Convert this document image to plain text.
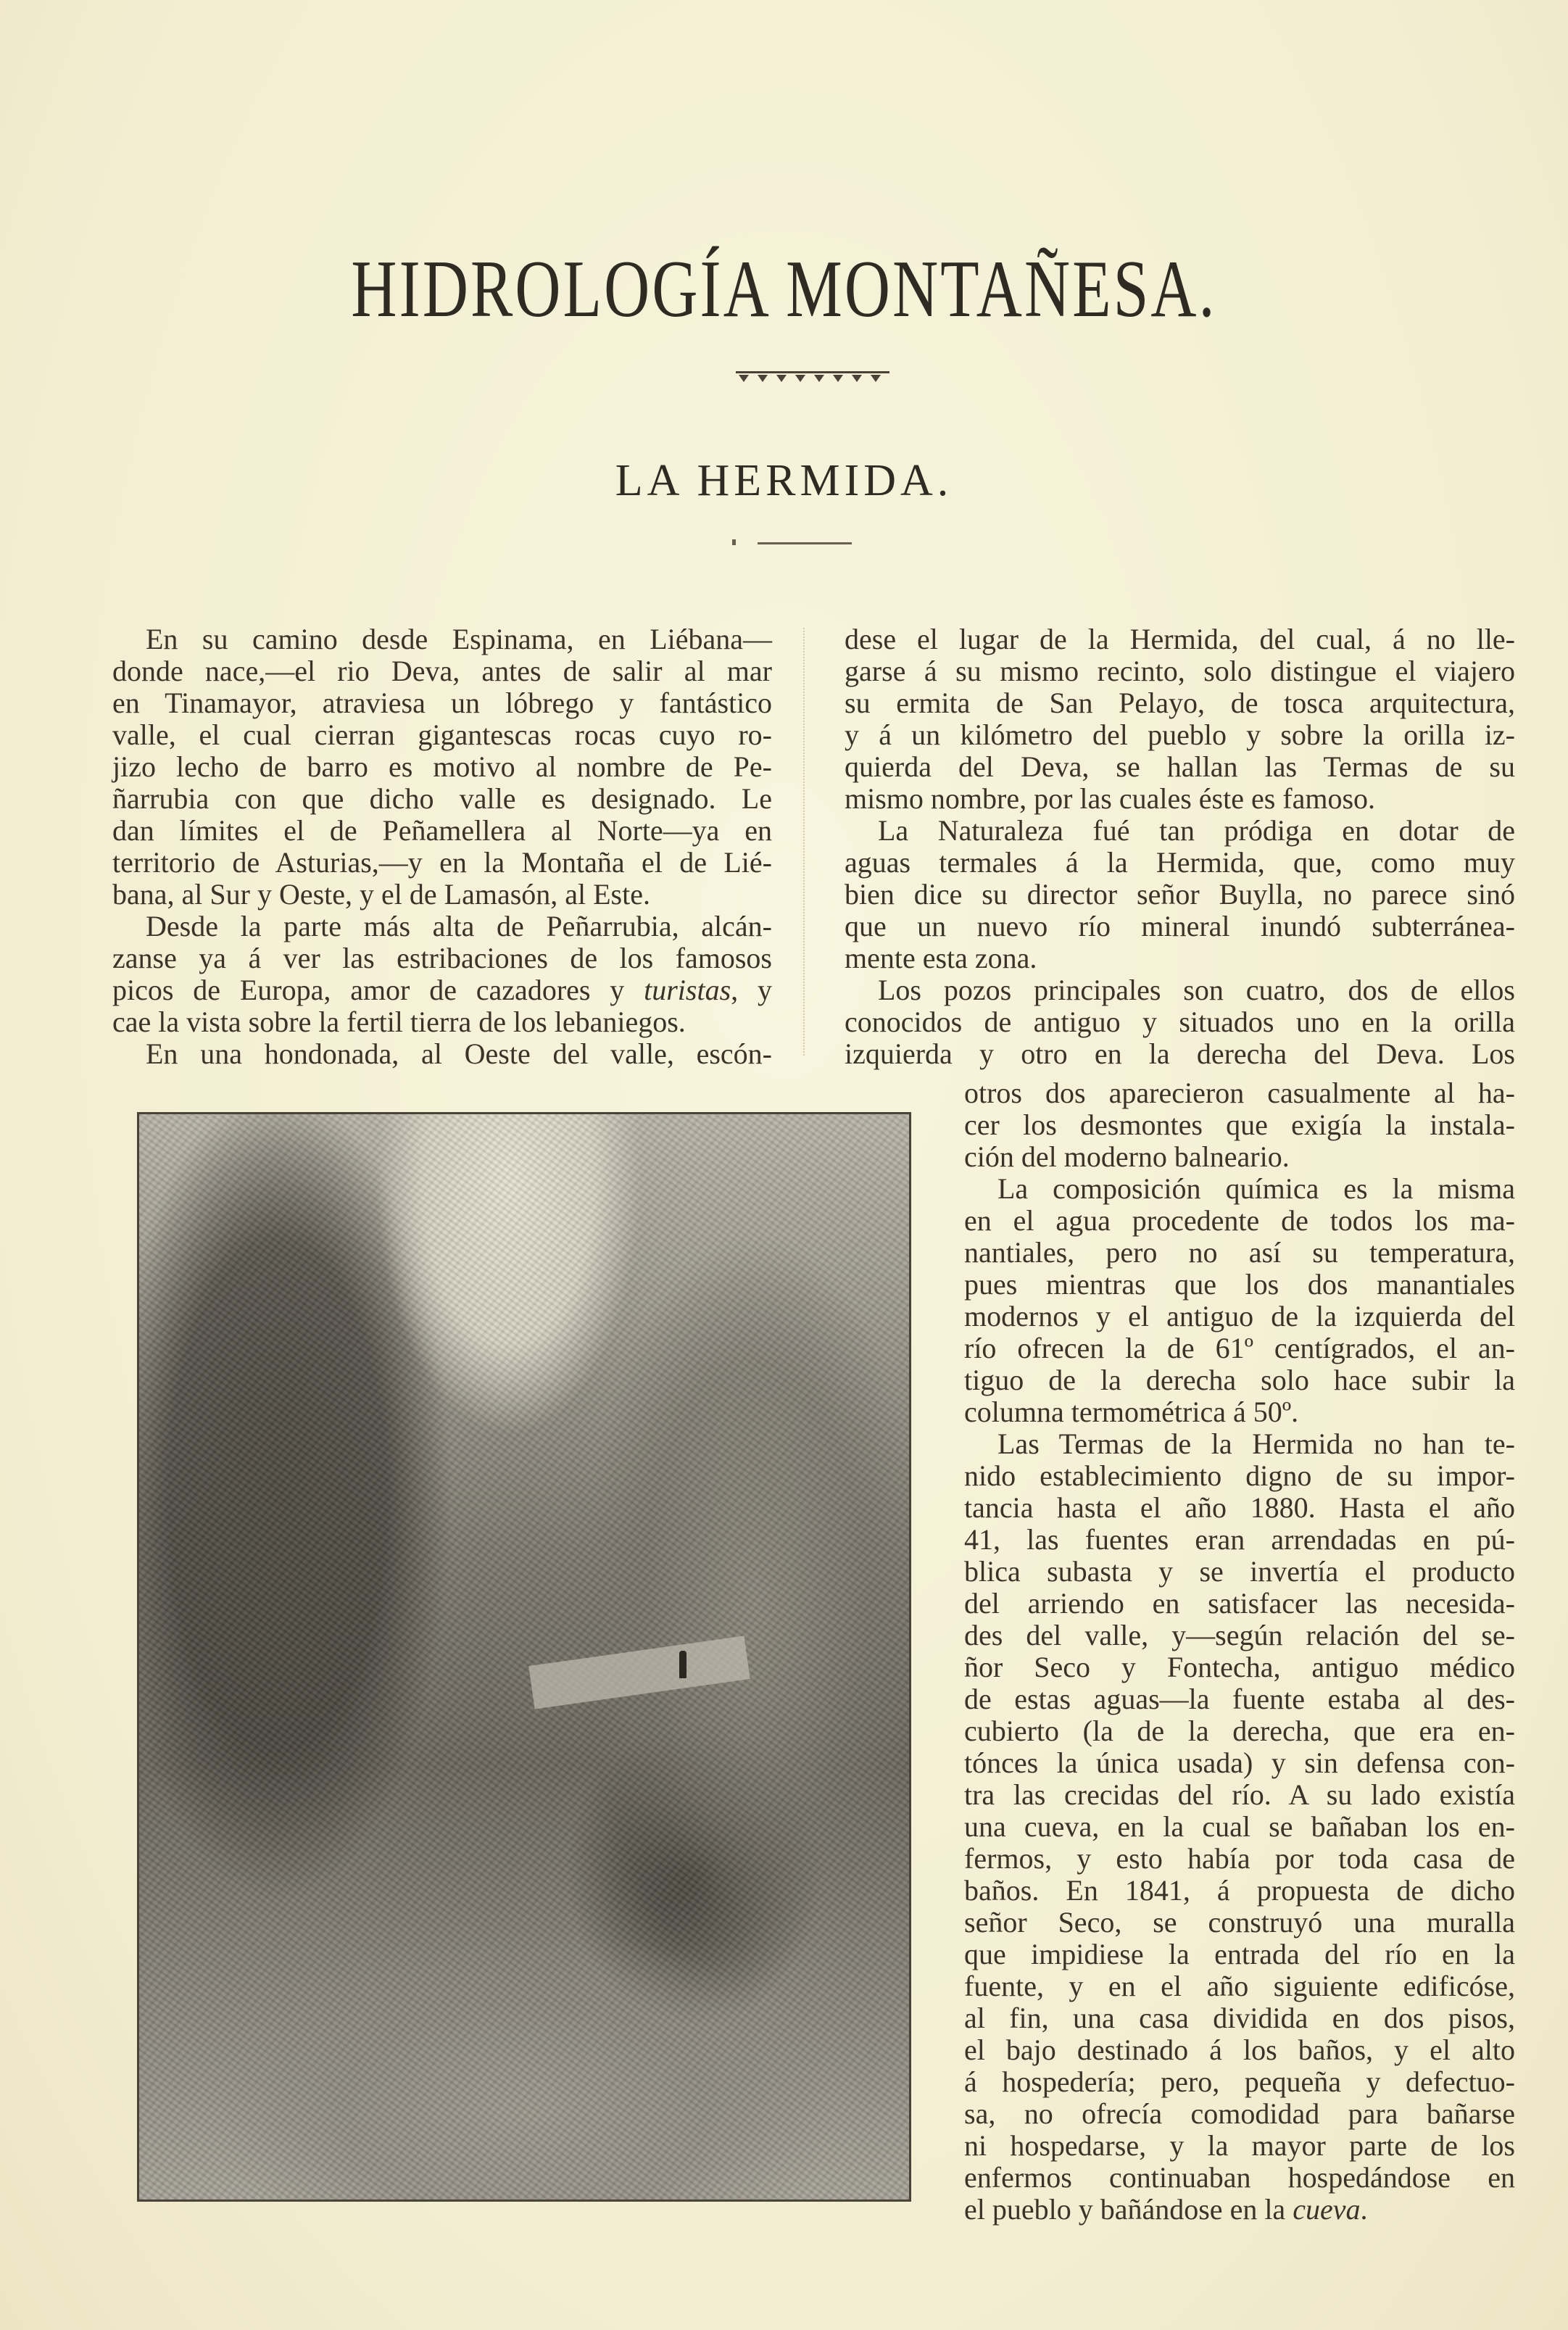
HIDROLOGÍA MONTAÑESA.
LA HERMIDA.
En su camino desde Espinama, en Liébana—
donde nace,—el rio Deva, antes de salir al mar
en Tinamayor, atraviesa un lóbrego y fantástico
valle, el cual cierran gigantescas rocas cuyo ro-
jizo lecho de barro es motivo al nombre de Pe-
ñarrubia con que dicho valle es designado. Le
dan límites el de Peñamellera al Norte—ya en
territorio de Asturias,—y en la Montaña el de Lié-
bana, al Sur y Oeste, y el de Lamasón, al Este.
Desde la parte más alta de Peñarrubia, alcán-
zanse ya á ver las estribaciones de los famosos
picos de Europa, amor de cazadores y turistas, y
cae la vista sobre la fertil tierra de los lebaniegos.
En una hondonada, al Oeste del valle, escón-
dese el lugar de la Hermida, del cual, á no lle-
garse á su mismo recinto, solo distingue el viajero
su ermita de San Pelayo, de tosca arquitectura,
y á un kilómetro del pueblo y sobre la orilla iz-
quierda del Deva, se hallan las Termas de su
mismo nombre, por las cuales éste es famoso.
La Naturaleza fué tan pródiga en dotar de
aguas termales á la Hermida, que, como muy
bien dice su director señor Buylla, no parece sinó
que un nuevo río mineral inundó subterránea-
mente esta zona.
Los pozos principales son cuatro, dos de ellos
conocidos de antiguo y situados uno en la orilla
izquierda y otro en la derecha del Deva. Los
otros dos aparecieron casualmente al ha-
cer los desmontes que exigía la instala-
ción del moderno balneario.
La composición química es la misma
en el agua procedente de todos los ma-
nantiales, pero no así su temperatura,
pues mientras que los dos manantiales
modernos y el antiguo de la izquierda del
río ofrecen la de 61º centígrados, el an-
tiguo de la derecha solo hace subir la
columna termométrica á 50º.
Las Termas de la Hermida no han te-
nido establecimiento digno de su impor-
tancia hasta el año 1880. Hasta el año
41, las fuentes eran arrendadas en pú-
blica subasta y se invertía el producto
del arriendo en satisfacer las necesida-
des del valle, y—según relación del se-
ñor Seco y Fontecha, antiguo médico
de estas aguas—la fuente estaba al des-
cubierto (la de la derecha, que era en-
tónces la única usada) y sin defensa con-
tra las crecidas del río. A su lado existía
una cueva, en la cual se bañaban los en-
fermos, y esto había por toda casa de
baños. En 1841, á propuesta de dicho
señor Seco, se construyó una muralla
que impidiese la entrada del río en la
fuente, y en el año siguiente edificóse,
al fin, una casa dividida en dos pisos,
el bajo destinado á los baños, y el alto
á hospedería; pero, pequeña y defectuo-
sa, no ofrecía comodidad para bañarse
ni hospedarse, y la mayor parte de los
enfermos continuaban hospedándose en
el pueblo y bañándose en la cueva.
